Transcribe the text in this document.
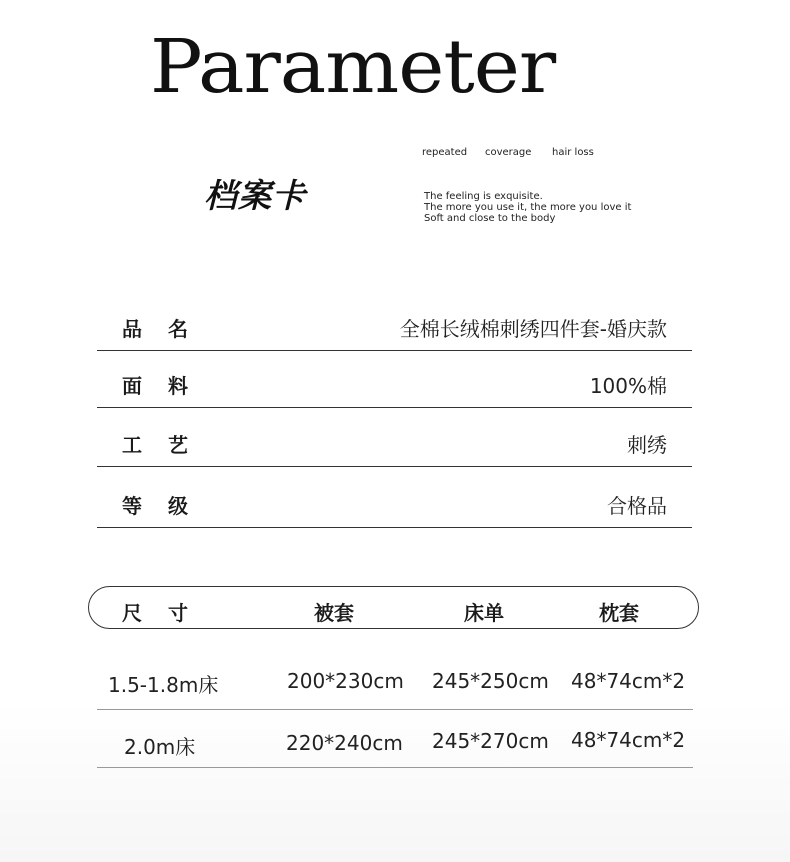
Parameter
档案卡
repeated coverage hair loss
The feeling is exquisite.
The more you use it, the more you love it
Soft and close to the body
品名	全棉长绒棉刺绣四件套-婚庆款
面料	100%棉
工艺	刺绣
等级	合格品
尺寸	被套	床单	枕套
1.5-1.8m床	200*230cm 245*250cm 48*74cm*2
2.0m床	220*240cm 245*270cm 48*74cm*2
